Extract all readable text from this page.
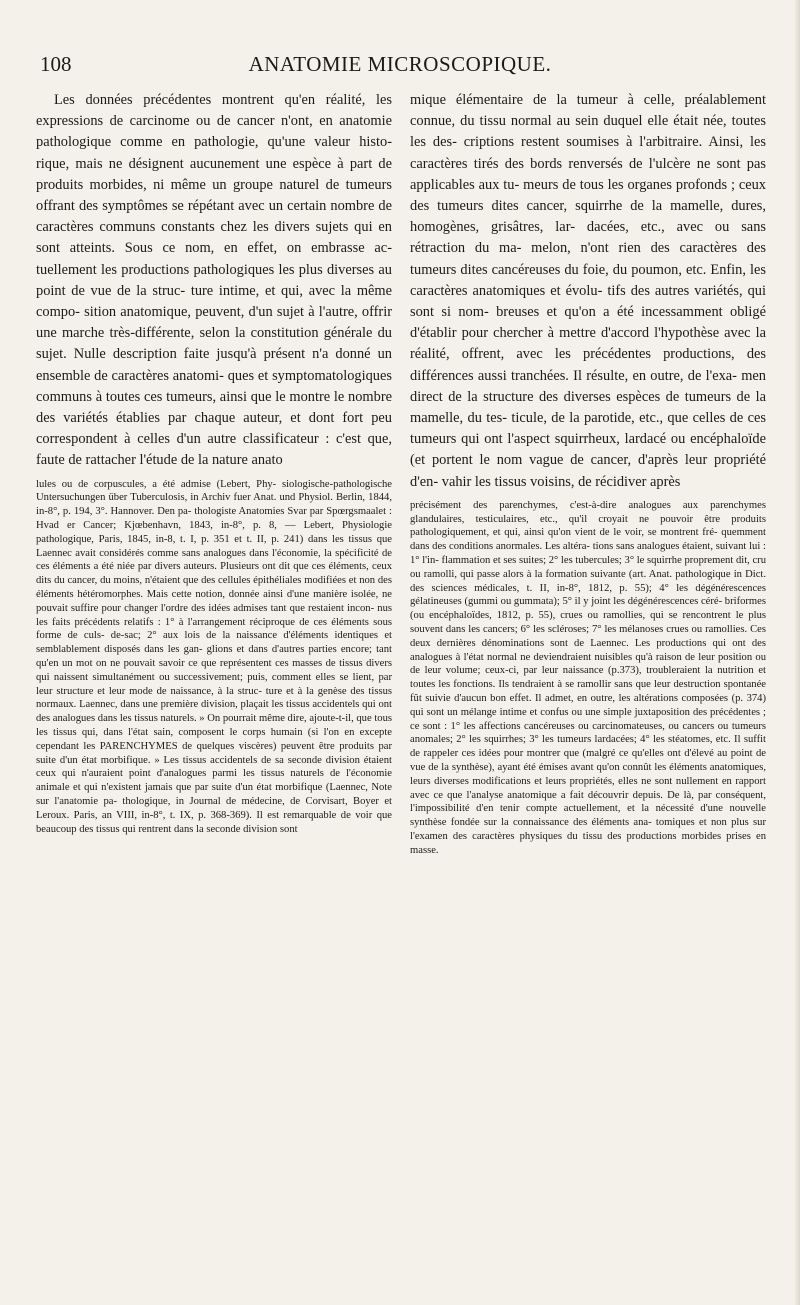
108	ANATOMIE MICROSCOPIQUE.

Les données précédentes montrent qu'en réalité, les expressions de carcinome ou de cancer n'ont, en anatomie pathologique comme en pathologie, qu'une valeur histo- rique, mais ne désignent aucunement une espèce à part de produits morbides, ni même un groupe naturel de tumeurs offrant des symptômes se répétant avec un certain nombre de caractères communs constants chez les divers sujets qui en sont atteints. Sous ce nom, en effet, on embrasse ac- tuellement les productions pathologiques les plus diverses au point de vue de la struc- ture intime, et qui, avec la même compo- sition anatomique, peuvent, d'un sujet à l'autre, offrir une marche très-différente, selon la constitution générale du sujet. Nulle description faite jusqu'à présent n'a donné un ensemble de caractères anatomi- ques et symptomatologiques communs à toutes ces tumeurs, ainsi que le montre le nombre des variétés établies par chaque auteur, et dont fort peu correspondent à celles d'un autre classificateur : c'est que, faute de rattacher l'étude de la nature anato

lules ou de corpuscules, a été admise (Lebert, Phy- siologische-pathologische Untersuchungen über Tuberculosis, in Archiv fuer Anat. und Physiol. Berlin, 1844, in-8°, p. 194, 3°. Hannover. Den pa- thologiste Anatomies Svar par Spœrgsmaalet : Hvad er Cancer; Kjœbenhavn, 1843, in-8°, p. 8, — Lebert, Physiologie pathologique, Paris, 1845, in-8, t. I, p. 351 et t. II, p. 241) dans les tissus que Laennec avait considérés comme sans analogues dans l'économie, la spécificité de ces éléments a été niée par divers auteurs. Plusieurs ont dit que ces éléments, ceux dits du cancer, du moins, n'étaient que des cellules épithéliales modifiées et non des éléments hétéromorphes. Mais cette notion, donnée ainsi d'une manière isolée, ne pouvait suffire pour changer l'ordre des idées admises tant que restaient incon- nus les faits précédents relatifs : 1° à l'arrangement réciproque de ces éléments sous forme de culs- de-sac; 2° aux lois de la naissance d'éléments identiques et semblablement disposés dans les gan- glions et dans d'autres parties encore; tant qu'en un mot on ne pouvait savoir ce que représentent ces masses de tissus divers qui naissent simultanément ou successivement; puis, comment elles se lient, par leur structure et leur mode de naissance, à la struc- ture et à la genèse des tissus normaux. Laennec, dans une première division, plaçait les tissus accidentels qui ont des analogues dans les tissus naturels. » On pourrait même dire, ajoute-t-il, que tous les tissus qui, dans l'état sain, composent le corps humain (si l'on en excepte cependant les PARENCHYMES de quelques viscères) peuvent être produits par suite d'un état morbifique. » Les tissus accidentels de sa seconde division étaient ceux qui n'auraient point d'analogues parmi les tissus naturels de l'économie animale et qui n'existent jamais que par suite d'un état morbifique (Laennec, Note sur l'anatomie pa- thologique, in Journal de médecine, de Corvisart, Boyer et Leroux. Paris, an VIII, in-8°, t. IX, p. 368-369). Il est remarquable de voir que beaucoup des tissus qui rentrent dans la seconde division sont

mique élémentaire de la tumeur à celle, préalablement connue, du tissu normal au sein duquel elle était née, toutes les des- criptions restent soumises à l'arbitraire. Ainsi, les caractères tirés des bords renversés de l'ulcère ne sont pas applicables aux tu- meurs de tous les organes profonds ; ceux des tumeurs dites cancer, squirrhe de la mamelle, dures, homogènes, grisâtres, lar- dacées, etc., avec ou sans rétraction du ma- melon, n'ont rien des caractères des tumeurs dites cancéreuses du foie, du poumon, etc. Enfin, les caractères anatomiques et évolu- tifs des autres variétés, qui sont si nom- breuses et qu'on a été incessamment obligé d'établir pour chercher à mettre d'accord l'hypothèse avec la réalité, offrent, avec les précédentes productions, des différences aussi tranchées. Il résulte, en outre, de l'exa- men direct de la structure des diverses espèces de tumeurs de la mamelle, du tes- ticule, de la parotide, etc., que celles de ces tumeurs qui ont l'aspect squirrheux, lardacé ou encéphaloïde (et portent le nom vague de cancer, d'après leur propriété d'en- vahir les tissus voisins, de récidiver après

précisément des parenchymes, c'est-à-dire analogues aux parenchymes glandulaires, testiculaires, etc., qu'il croyait ne pouvoir être produits pathologiquement, et qui, ainsi qu'on vient de le voir, se montrent fré- quemment dans des conditions anormales. Les altéra- tions sans analogues étaient, suivant lui : 1° l'in- flammation et ses suites; 2° les tubercules; 3° le squirrhe proprement dit, cru ou ramolli, qui passe alors à la formation suivante (art. Anat. pathologique in Dict. des sciences médicales, t. II, in-8°, 1812, p. 55); 4° les dégénérescences gélatineuses (gummi ou gummata); 5° il y joint les dégénérescences céré- briformes (ou encéphaloïdes, 1812, p. 55), crues ou ramollies, qui se rencontrent le plus souvent dans les cancers; 6° les scléroses; 7° les mélanoses crues ou ramollies. Ces deux dernières dénominations sont de Laennec. Les productions qui ont des analogues à l'état normal ne deviendraient nuisibles qu'à raison de leur position ou de leur volume; ceux-ci, par leur naissance (p.373), troubleraient la nutrition et toutes les fonctions. Ils tendraient à se ramollir sans que leur destruction spontanée fût suivie d'aucun bon effet. Il admet, en outre, les altérations composées (p. 374) qui sont un mélange intime et confus ou une simple juxtaposition des précédentes ; ce sont : 1° les affections cancéreuses ou carcinomateuses, ou cancers ou tumeurs anomales; 2° les squirrhes; 3° les tumeurs lardacées; 4° les stéatomes, etc. Il suffit de rappeler ces idées pour montrer que (malgré ce qu'elles ont d'élevé au point de vue de la synthèse), ayant été émises avant qu'on connût les éléments anatomiques, leurs diverses modifications et leurs propriétés, elles ne sont nullement en rapport avec ce que l'analyse anatomique a fait découvrir depuis. De là, par conséquent, l'impossibilité d'en tenir compte actuellement, et la nécessité d'une nouvelle synthèse fondée sur la connaissance des éléments ana- tomiques et non plus sur l'examen des caractères physiques du tissu des productions morbides prises en masse.
